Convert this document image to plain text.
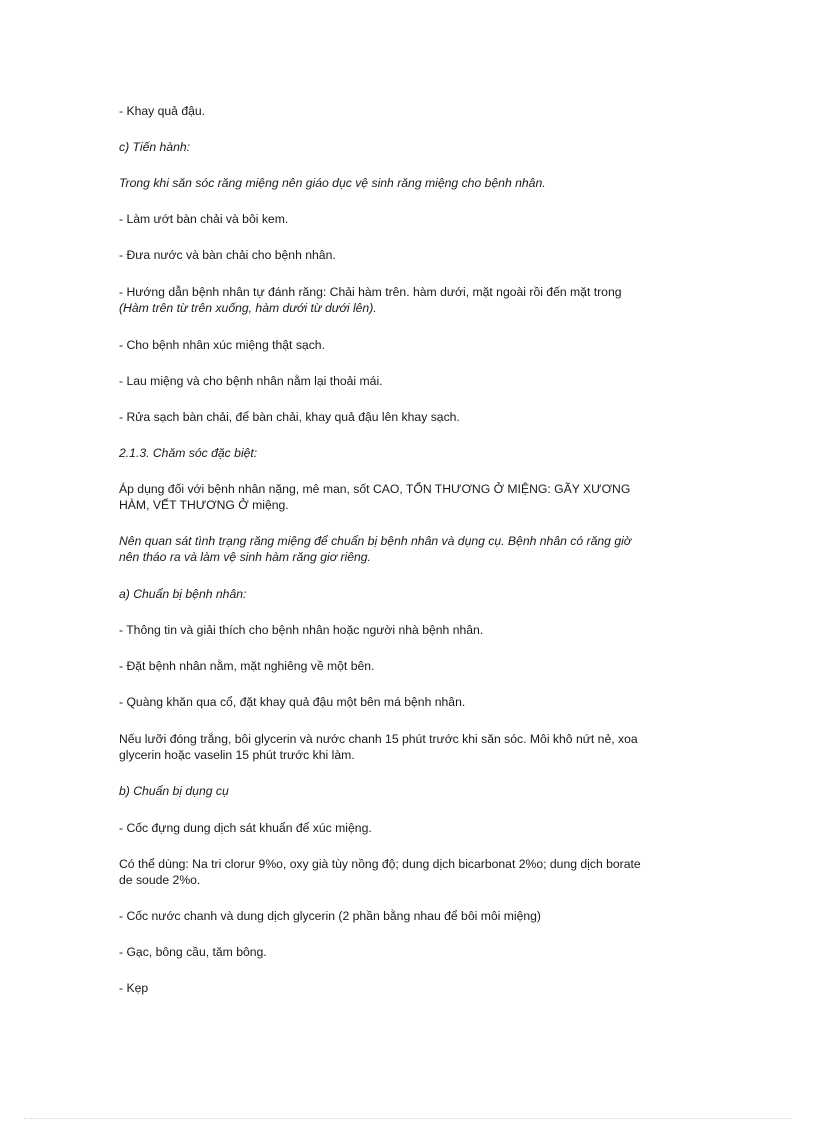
- Khay quả đậu.

c) Tiến hành:

Trong khi săn sóc răng miệng nên giáo dục vệ sinh răng miệng cho bệnh nhân.

- Làm ướt bàn chải và bôi kem.

- Đưa nước và bàn chải cho bệnh nhân.

- Hướng dẫn bệnh nhân tự đánh răng: Chải hàm trên. hàm dưới, mặt ngoài rồi đến mặt trong
(Hàm trên từ trên xuống, hàm dưới từ dưới lên).

- Cho bệnh nhân xúc miệng thật sạch.

- Lau miệng và cho bệnh nhân nằm lại thoải mái.

- Rửa sạch bàn chải, để bàn chải, khay quả đậu lên khay sạch.

2.1.3. Chăm sóc đặc biệt:

Áp dụng đối với bệnh nhân nặng, mê man, sốt CAO, TỔN THƯƠNG Ở MIỆNG: GÃY XƯƠNG
HÀM, VẾT THƯƠNG Ở miệng.

Nên quan sát tình trạng răng miệng để chuẩn bị bệnh nhân và dụng cụ. Bệnh nhân có răng giờ
nên tháo ra và làm vệ sinh hàm răng giơ riêng.

a) Chuẩn bị bệnh nhân:

- Thông tin và giải thích cho bệnh nhân hoặc người nhà bệnh nhân.

- Đặt bệnh nhân nằm, mặt nghiêng về một bên.

- Quàng khăn qua cổ, đặt khay quả đậu một bên má bệnh nhân.

Nếu lưỡi đóng trắng, bôi glycerin và nước chanh 15 phút trước khi săn sóc. Môi khô nứt nẻ, xoa
glycerin hoặc vaselin 15 phút trước khi làm.

b) Chuẩn bị dụng cụ

- Cốc đựng dung dịch sát khuẩn để xúc miệng.

Có thể dùng: Na tri clorur 9%o, oxy già tùy nồng độ; dung dịch bicarbonat 2%o; dung dịch borate
de soude 2%o.

- Cốc nước chanh và dung dịch glycerin (2 phần bằng nhau để bôi môi miệng)

- Gạc, bông cầu, tăm bông.

- Kẹp
